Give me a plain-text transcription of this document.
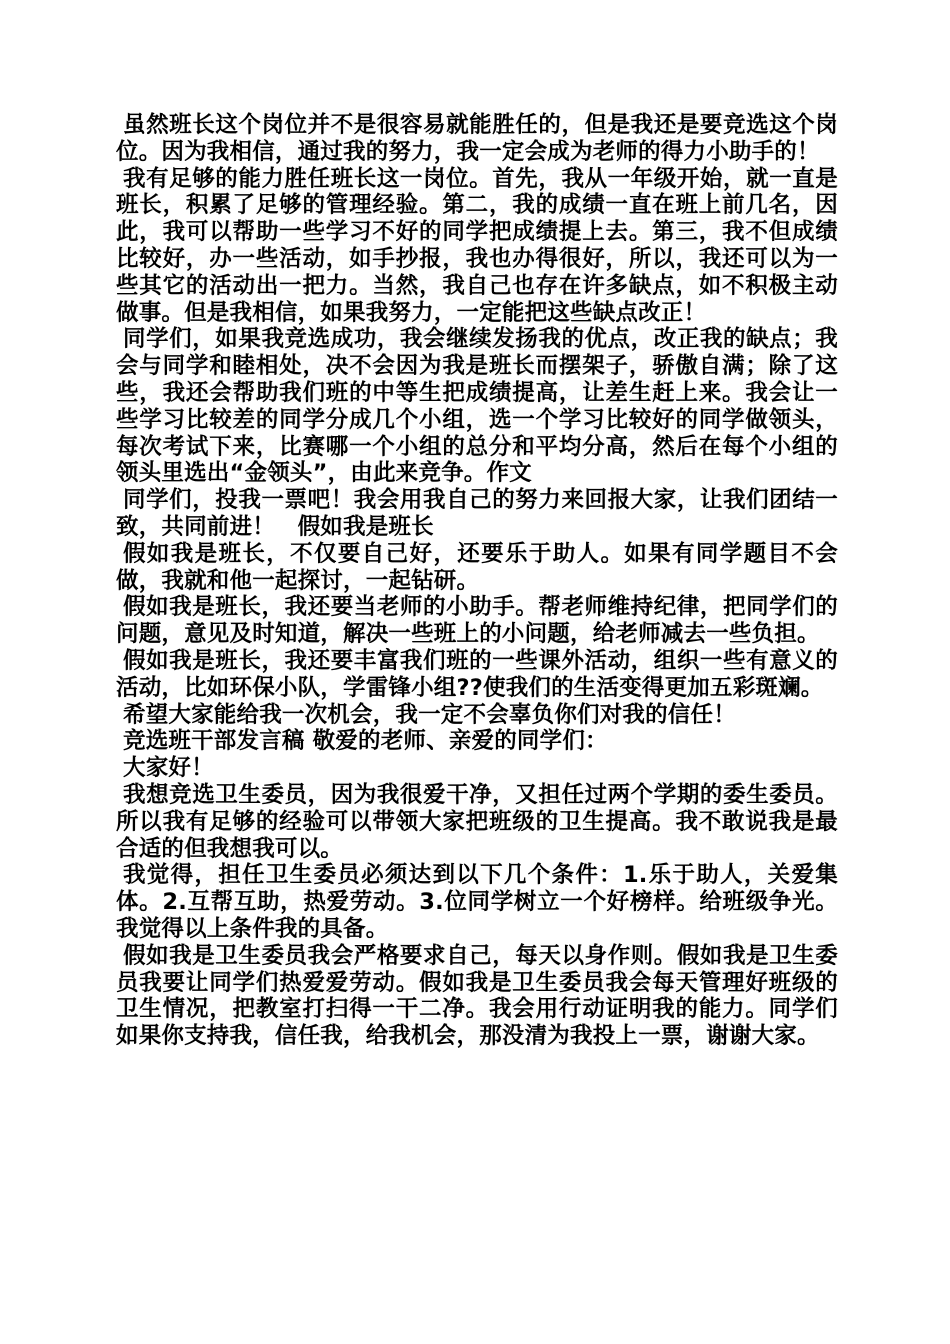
虽然班长这个岗位并不是很容易就能胜任的，但是我还是要竞选这个岗位。因为我相信，通过我的努力，我一定会成为老师的得力小助手的！

我有足够的能力胜任班长这一岗位。首先，我从一年级开始，就一直是班长，积累了足够的管理经验。第二，我的成绩一直在班上前几名，因此，我可以帮助一些学习不好的同学把成绩提上去。第三，我不但成绩比较好，办一些活动，如手抄报，我也办得很好，所以，我还可以为一些其它的活动出一把力。当然，我自己也存在许多缺点，如不积极主动做事。但是我相信，如果我努力，一定能把这些缺点改正！

同学们，如果我竞选成功，我会继续发扬我的优点，改正我的缺点；我会与同学和睦相处，决不会因为我是班长而摆架子，骄傲自满；除了这些，我还会帮助我们班的中等生把成绩提高，让差生赶上来。我会让一些学习比较差的同学分成几个小组，选一个学习比较好的同学做领头，每次考试下来，比赛哪一个小组的总分和平均分高，然后在每个小组的领头里选出“金领头”，由此来竞争。作文

同学们，投我一票吧！我会用我自己的努力来回报大家，让我们团结一致，共同前进！　假如我是班长

假如我是班长，不仅要自己好，还要乐于助人。如果有同学题目不会做，我就和他一起探讨，一起钻研。

假如我是班长，我还要当老师的小助手。帮老师维持纪律，把同学们的问题，意见及时知道，解决一些班上的小问题，给老师减去一些负担。

假如我是班长，我还要丰富我们班的一些课外活动，组织一些有意义的活动，比如环保小队，学雷锋小组??使我们的生活变得更加五彩斑斓。

希望大家能给我一次机会，我一定不会辜负你们对我的信任！

竞选班干部发言稿 敬爱的老师、亲爱的同学们：

大家好！

我想竞选卫生委员，因为我很爱干净，又担任过两个学期的委生委员。所以我有足够的经验可以带领大家把班级的卫生提高。我不敢说我是最合适的但我想我可以。

我觉得，担任卫生委员必须达到以下几个条件：1.乐于助人，关爱集体。2.互帮互助，热爱劳动。3.位同学树立一个好榜样。给班级争光。我觉得以上条件我的具备。

假如我是卫生委员我会严格要求自己，每天以身作则。假如我是卫生委员我要让同学们热爱爱劳动。假如我是卫生委员我会每天管理好班级的卫生情况，把教室打扫得一干二净。我会用行动证明我的能力。同学们如果你支持我，信任我，给我机会，那没清为我投上一票，谢谢大家。
